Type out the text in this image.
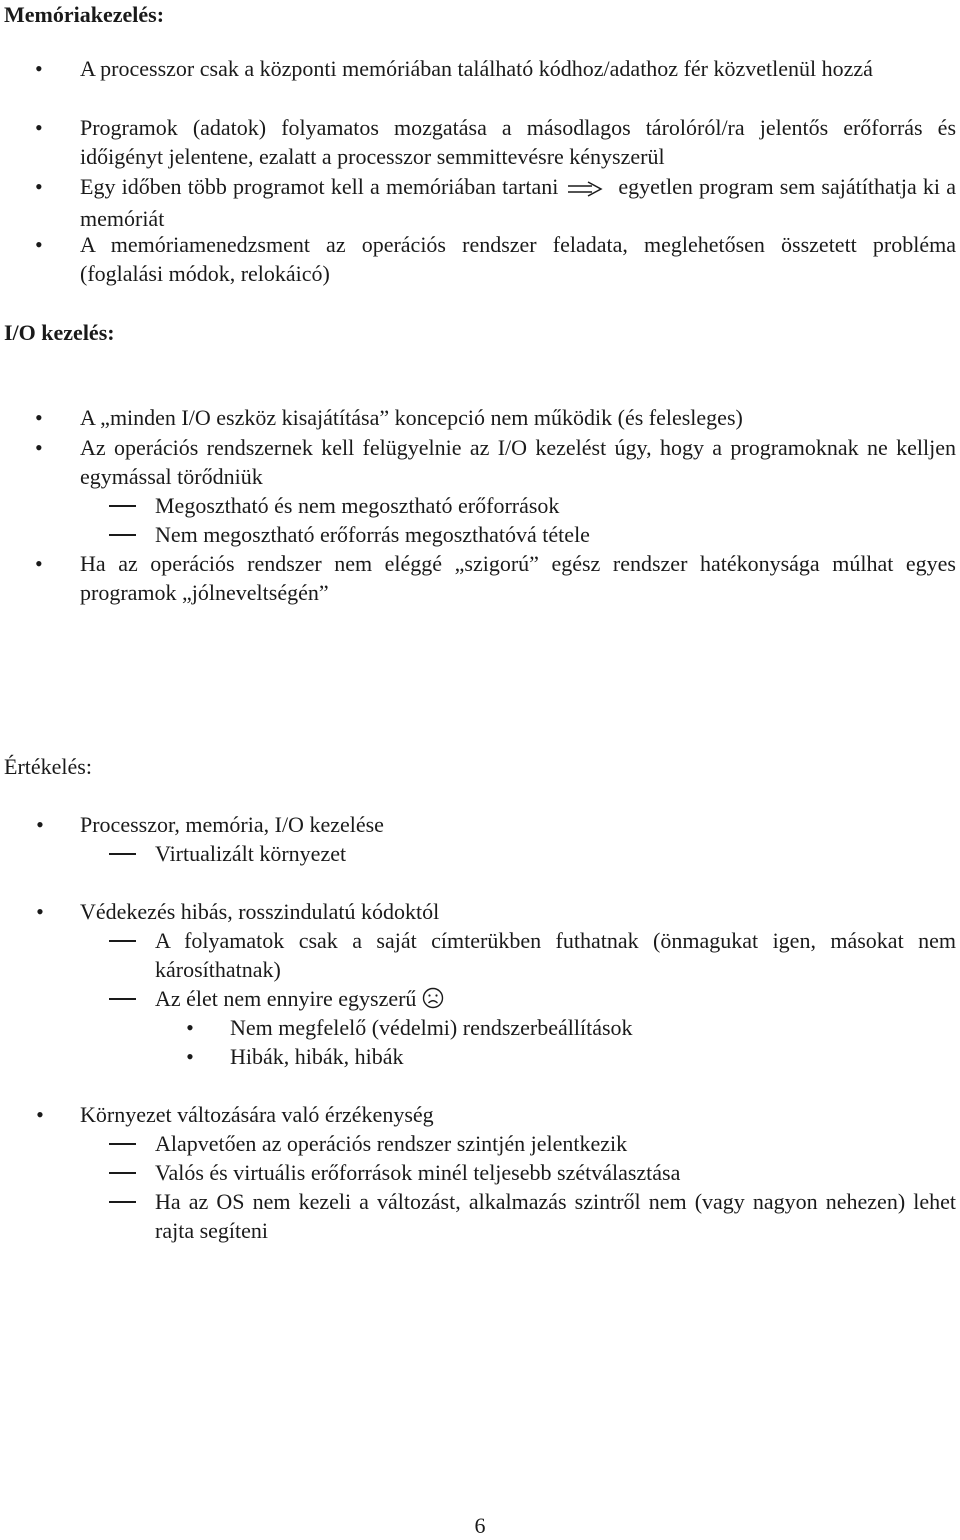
Memóriakezelés:
• A processzor csak a központi memóriában található kódhoz/adathoz fér közvetlenül hozzá
• Programok (adatok) folyamatos mozgatása a másodlagos tárolóról/ra jelentős erőforrás és időigényt jelentene, ezalatt a processzor semmittevésre kényszerül
• Egy időben több programot kell a memóriában tartani	egyetlen program sem sajátíthatja ki a memóriát
• A memóriamenedzsment az operációs rendszer feladata, meglehetősen összetett probléma (foglalási módok, relokáicó)
I/O kezelés:
• A „minden I/O eszköz kisajátítása” koncepció nem működik (és felesleges)
• Az operációs rendszernek kell felügyelnie az I/O kezelést úgy, hogy a programoknak ne kelljen egymással törődniük
Megosztható és nem megosztható erőforrások
Nem megosztható erőforrás megoszthatóvá tétele
• Ha az operációs rendszer nem eléggé „szigorú” egész rendszer hatékonysága múlhat egyes programok „jólneveltségén”
Értékelés:
• Processzor, memória, I/O kezelése
Virtualizált környezet
• Védekezés hibás, rosszindulatú kódoktól
A folyamatok csak a saját címterükben futhatnak (önmagukat igen, másokat nem károsíthatnak)
Az élet nem ennyire egyszerű
• Nem megfelelő (védelmi) rendszerbeállítások
• Hibák, hibák, hibák
• Környezet változására való érzékenység
Alapvetően az operációs rendszer szintjén jelentkezik
Valós és virtuális erőforrások minél teljesebb szétválasztása
Ha az OS nem kezeli a változást, alkalmazás szintről nem (vagy nagyon nehezen) lehet rajta segíteni
6
